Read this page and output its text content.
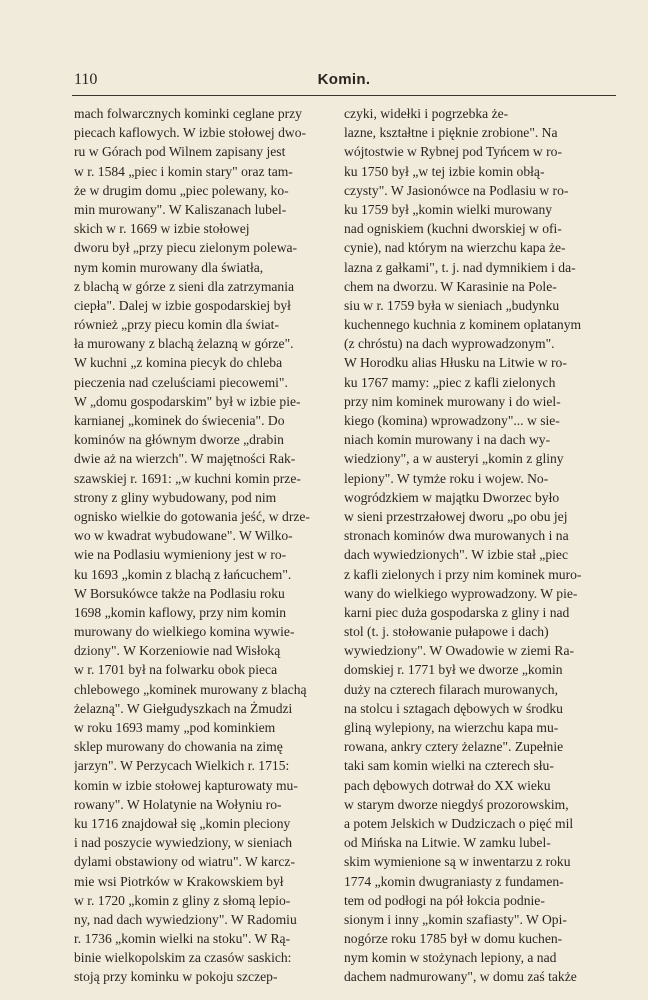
110	Komin.
mach folwarcznych kominki ceglane przy
piecach kaflowych. W izbie stołowej dwo-
ru w Górach pod Wilnem zapisany jest
w r. 1584 „piec i komin stary" oraz tam-
że w drugim domu „piec polewany, ko-
min murowany". W Kaliszanach lubel-
skich w r. 1669 w izbie stołowej
dworu był „przy piecu zielonym polewa-
nym komin murowany dla światła,
z blachą w górze z sieni dla zatrzymania
ciepła". Dalej w izbie gospodarskiej był
również „przy piecu komin dla świat-
ła murowany z blachą żelazną w górze".
W kuchni „z komina piecyk do chleba
pieczenia nad czeluściami piecowemi".
W „domu gospodarskim" był w izbie pie-
karnianej „kominek do świecenia". Do
kominów na głównym dworze „drabin
dwie aż na wierzch". W majętności Rak-
szawskiej r. 1691: „w kuchni komin prze-
strony z gliny wybudowany, pod nim
ognisko wielkie do gotowania jeść, w drze-
wo w kwadrat wybudowane". W Wilko-
wie na Podlasiu wymieniony jest w ro-
ku 1693 „komin z blachą z łańcuchem".
W Borsukówce także na Podlasiu roku
1698 „komin kaflowy, przy nim komin
murowany do wielkiego komina wywie-
dziony". W Korzeniowie nad Wisłoką
w r. 1701 był na folwarku obok pieca
chlebowego „kominek murowany z blachą
żelazną". W Giełgudyszkach na Żmudzi
w roku 1693 mamy „pod kominkiem
sklep murowany do chowania na zimę
jarzyn". W Perzycach Wielkich r. 1715:
komin w izbie stołowej kapturowaty mu-
rowany". W Holatynie na Wołyniu ro-
ku 1716 znajdował się „komin pleciony
i nad poszycie wywiedziony, w sieniach
dylami obstawiony od wiatru". W karcz-
mie wsi Piotrków w Krakowskiem był
w r. 1720 „komin z gliny z słomą lepio-
ny, nad dach wywiedziony". W Radomiu
r. 1736 „komin wielki na stoku". W Rą-
binie wielkopolskim za czasów saskich:
stoją przy kominku w pokoju szczep-
czyki, widełki i pogrzebka że-
lazne, kształtne i pięknie zrobione". Na
wójtostwie w Rybnej pod Tyńcem w ro-
ku 1750 był „w tej izbie komin obłą-
czysty". W Jasionówce na Podlasiu w ro-
ku 1759 był „komin wielki murowany
nad ogniskiem (kuchni dworskiej w ofi-
cynie), nad którym na wierzchu kapa że-
lazna z gałkami", t. j. nad dymnikiem i da-
chem na dworzu. W Karasinie na Pole-
siu w r. 1759 była w sieniach „budynku
kuchennego kuchnia z kominem oplatanym
(z chróstu) na dach wyprowadzonym".
W Horodku alias Hłusku na Litwie w ro-
ku 1767 mamy: „piec z kafli zielonych
przy nim kominek murowany i do wiel-
kiego (komina) wprowadzony"... w sie-
niach komin murowany i na dach wy-
wiedziony", a w austeryi „komin z gliny
lepiony". W tymże roku i wojew. No-
wogródzkiem w majątku Dworzec było
w sieni przestrzałowej dworu „po obu jej
stronach kominów dwa murowanych i na
dach wywiedzionych". W izbie stał „piec
z kafli zielonych i przy nim kominek muro-
wany do wielkiego wyprowadzony. W pie-
karni piec duża gospodarska z gliny i nad
stol (t. j. stołowanie pułapowe i dach)
wywiedziony". W Owadowie w ziemi Ra-
domskiej r. 1771 był we dworze „komin
duży na czterech filarach murowanych,
na stolcu i sztagach dębowych w środku
gliną wylepiony, na wierzchu kapa mu-
rowana, ankry cztery żelazne". Zupełnie
taki sam komin wielki na czterech słu-
pach dębowych dotrwał do XX wieku
w starym dworze niegdyś prozorowskim,
a potem Jelskich w Dudziczach o pięć mil
od Mińska na Litwie. W zamku lubel-
skim wymienione są w inwentarzu z roku
1774 „komin dwugraniasty z fundamen-
tem od podłogi na pół łokcia podnie-
sionym i inny „komin szafiasty". W Opi-
nogórze roku 1785 był w domu kuchen-
nym komin w stożynach lepiony, a nad
dachem nadmurowany", w domu zaś także
